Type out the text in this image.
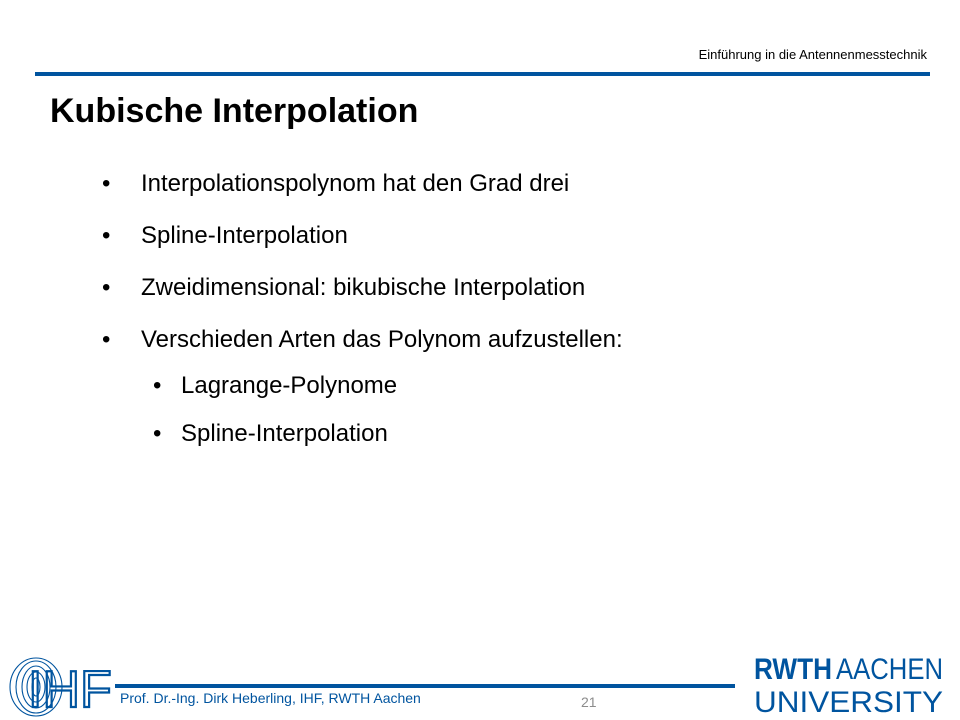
Einführung in die Antennenmesstechnik
Kubische Interpolation
• Interpolationspolynom hat den Grad drei
• Spline-Interpolation
• Zweidimensional: bikubische Interpolation
• Verschieden Arten das Polynom aufzustellen:
• Lagrange-Polynome
• Spline-Interpolation
IHF Prof. Dr.-Ing. Dirk Heberling, IHF, RWTH Aachen	21
RWTH AACHEN
UNIVERSITY
